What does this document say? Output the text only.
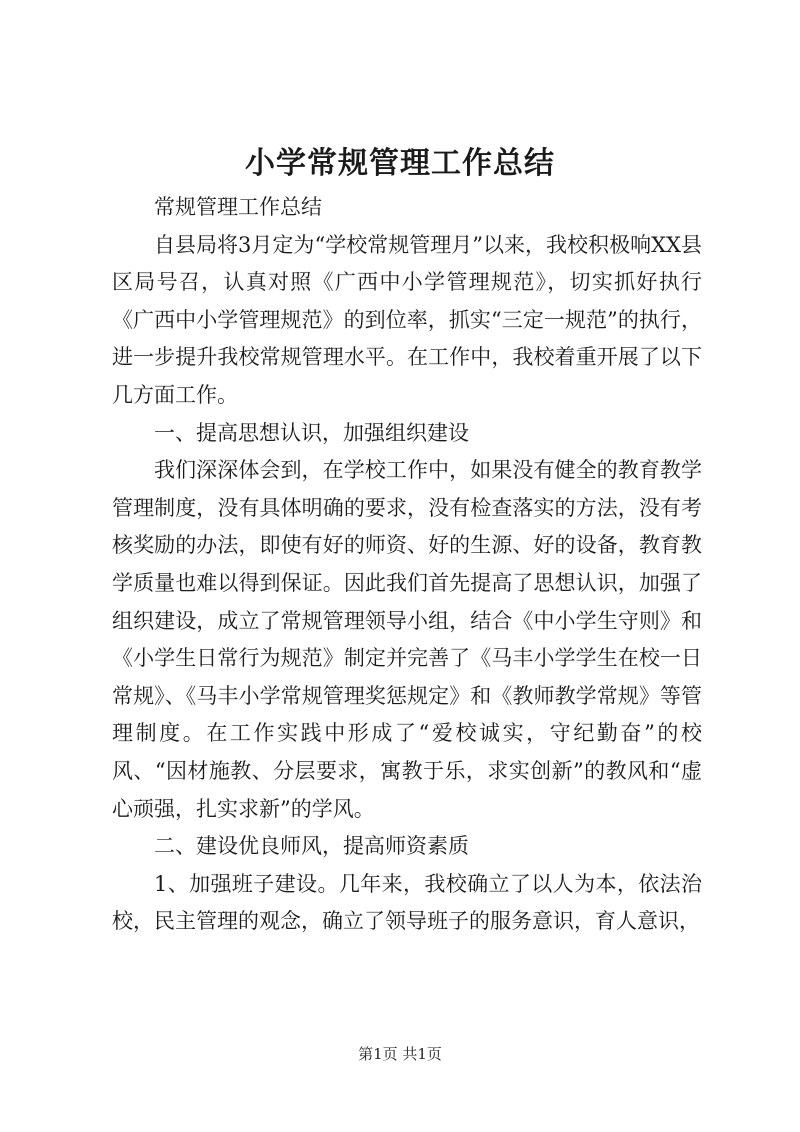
小学常规管理工作总结

常规管理工作总结

自县局将3月定为“学校常规管理月”以来，我校积极响XX县区局号召，认真对照《广西中小学管理规范》，切实抓好执行《广西中小学管理规范》的到位率，抓实“三定一规范”的执行，进一步提升我校常规管理水平。在工作中，我校着重开展了以下几方面工作。

一、提高思想认识，加强组织建设

我们深深体会到，在学校工作中，如果没有健全的教育教学管理制度，没有具体明确的要求，没有检查落实的方法，没有考核奖励的办法，即使有好的师资、好的生源、好的设备，教育教学质量也难以得到保证。因此我们首先提高了思想认识，加强了组织建设，成立了常规管理领导小组，结合《中小学生守则》和《小学生日常行为规范》制定并完善了《马丰小学学生在校一日常规》、《马丰小学常规管理奖惩规定》和《教师教学常规》等管理制度。在工作实践中形成了“爱校诚实，守纪勤奋”的校风、“因材施教、分层要求，寓教于乐，求实创新”的教风和“虚心顽强，扎实求新”的学风。

二、建设优良师风，提高师资素质

1、加强班子建设。几年来，我校确立了以人为本，依法治校，民主管理的观念，确立了领导班子的服务意识，育人意识，

第1页 共1页
